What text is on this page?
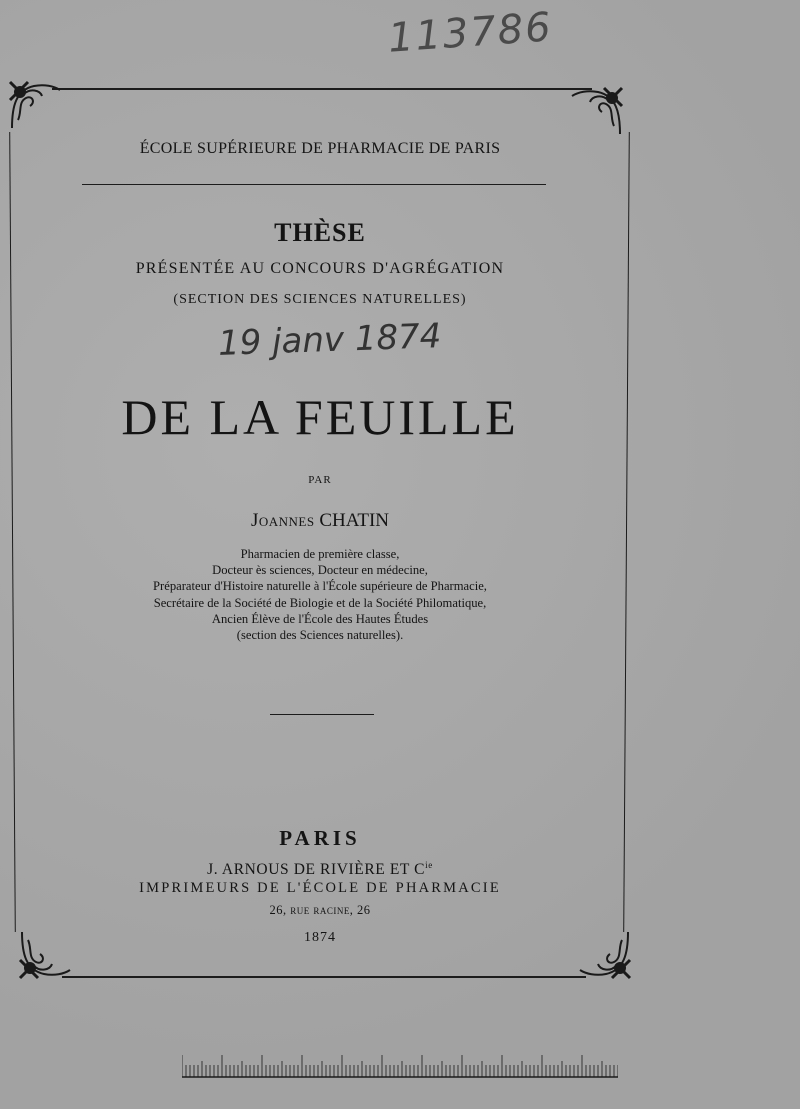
113786
ÉCOLE SUPÉRIEURE DE PHARMACIE DE PARIS
THÈSE
PRÉSENTÉE AU CONCOURS D'AGRÉGATION
(SECTION DES SCIENCES NATURELLES)
19 janv 1874
DE LA FEUILLE
PAR
Joannes CHATIN
Pharmacien de première classe,
Docteur ès sciences, Docteur en médecine,
Préparateur d'Histoire naturelle à l'École supérieure de Pharmacie,
Secrétaire de la Société de Biologie et de la Société Philomatique,
Ancien Élève de l'École des Hautes Études
(section des Sciences naturelles).
PARIS
J. ARNOUS DE RIVIÈRE ET $C^{ie}$
IMPRIMEURS DE L'ÉCOLE DE PHARMACIE
26, rue racine, 26
1874
